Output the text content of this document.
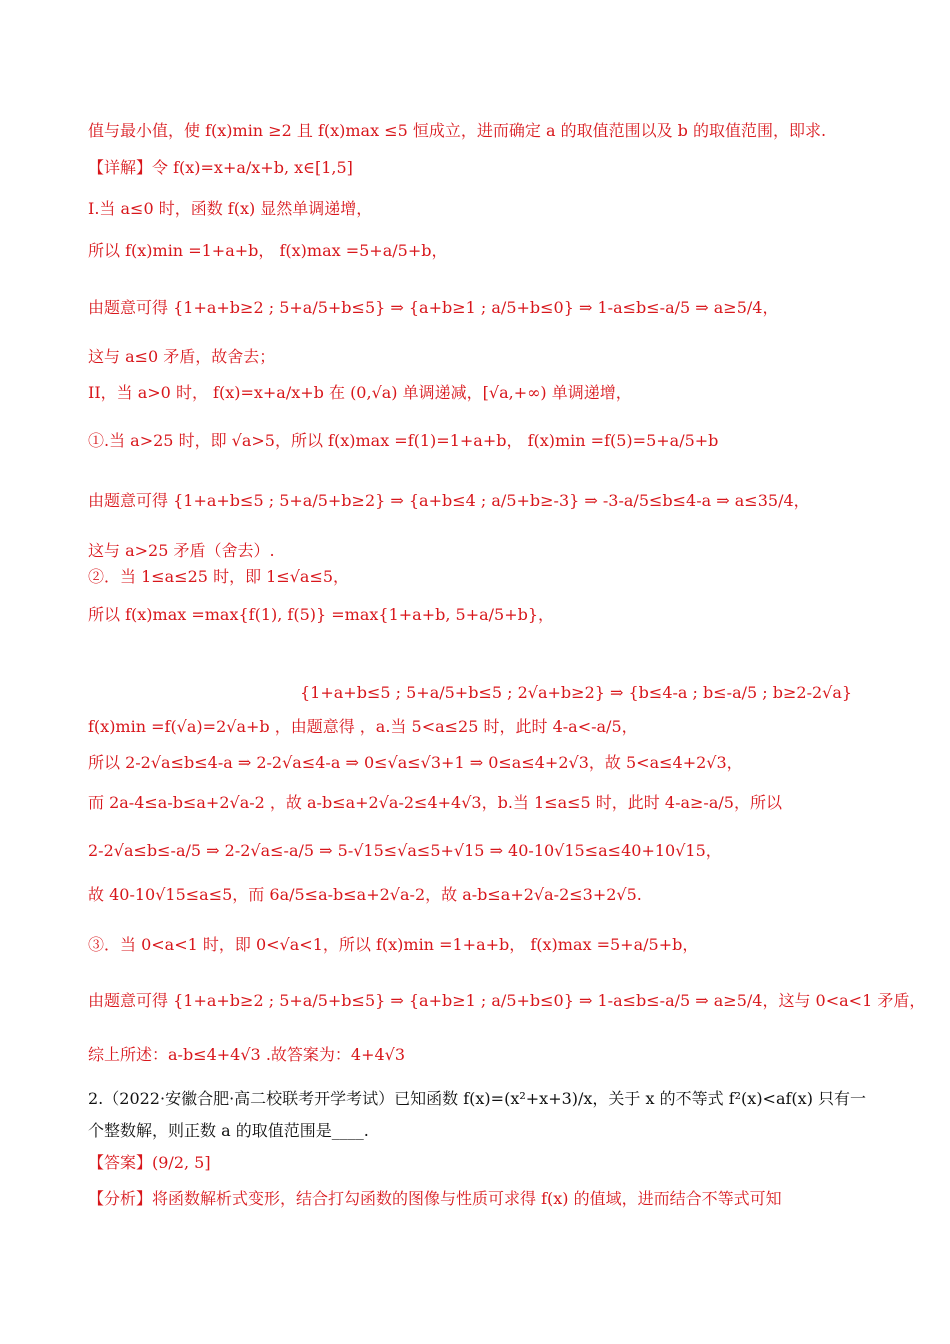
值与最小值，使 f(x)min ≥2 且 f(x)max ≤5 恒成立，进而确定 a 的取值范围以及 b 的取值范围，即求.
【详解】令 f(x)=x+a/x+b, x∈[1,5]
I.当 a≤0 时，函数 f(x) 显然单调递增，
所以 f(x)min =1+a+b， f(x)max =5+a/5+b，
由题意可得 {1+a+b≥2 ; 5+a/5+b≤5} ⇒ {a+b≥1 ; a/5+b≤0} ⇒ 1-a≤b≤-a/5 ⇒ a≥5/4，
这与 a≤0 矛盾，故舍去；
II，当 a>0 时， f(x)=x+a/x+b 在 (0,√a) 单调递减，[√a,+∞) 单调递增，
①.当 a>25 时，即 √a>5，所以 f(x)max =f(1)=1+a+b， f(x)min =f(5)=5+a/5+b
由题意可得 {1+a+b≤5 ; 5+a/5+b≥2} ⇒ {a+b≤4 ; a/5+b≥-3} ⇒ -3-a/5≤b≤4-a ⇒ a≤35/4，
这与 a>25 矛盾（舍去）.
②．当 1≤a≤25 时，即 1≤√a≤5，
所以 f(x)max =max{f(1), f(5)} =max{1+a+b, 5+a/5+b}，
{1+a+b≤5 ; 5+a/5+b≤5 ; 2√a+b≥2} ⇒ {b≤4-a ; b≤-a/5 ; b≥2-2√a}
f(x)min =f(√a)=2√a+b ，由题意得 ，a.当 5<a≤25 时，此时 4-a<-a/5，
所以 2-2√a≤b≤4-a ⇒ 2-2√a≤4-a ⇒ 0≤√a≤√3+1 ⇒ 0≤a≤4+2√3，故 5<a≤4+2√3，
而 2a-4≤a-b≤a+2√a-2 ，故 a-b≤a+2√a-2≤4+4√3，b.当 1≤a≤5 时，此时 4-a≥-a/5，所以
2-2√a≤b≤-a/5 ⇒ 2-2√a≤-a/5 ⇒ 5-√15≤√a≤5+√15 ⇒ 40-10√15≤a≤40+10√15，
故 40-10√15≤a≤5，而 6a/5≤a-b≤a+2√a-2，故 a-b≤a+2√a-2≤3+2√5.
③．当 0<a<1 时，即 0<√a<1，所以 f(x)min =1+a+b， f(x)max =5+a/5+b，
由题意可得 {1+a+b≥2 ; 5+a/5+b≤5} ⇒ {a+b≥1 ; a/5+b≤0} ⇒ 1-a≤b≤-a/5 ⇒ a≥5/4，这与 0<a<1 矛盾，
综上所述：a-b≤4+4√3 .故答案为：4+4√3
2.（2022·安徽合肥·高二校联考开学考试）已知函数 f(x)=(x²+x+3)/x，关于 x 的不等式 f²(x)<af(x) 只有一
个整数解，则正数 a 的取值范围是____.
【答案】(9/2, 5]
【分析】将函数解析式变形，结合打勾函数的图像与性质可求得 f(x) 的值域，进而结合不等式可知
